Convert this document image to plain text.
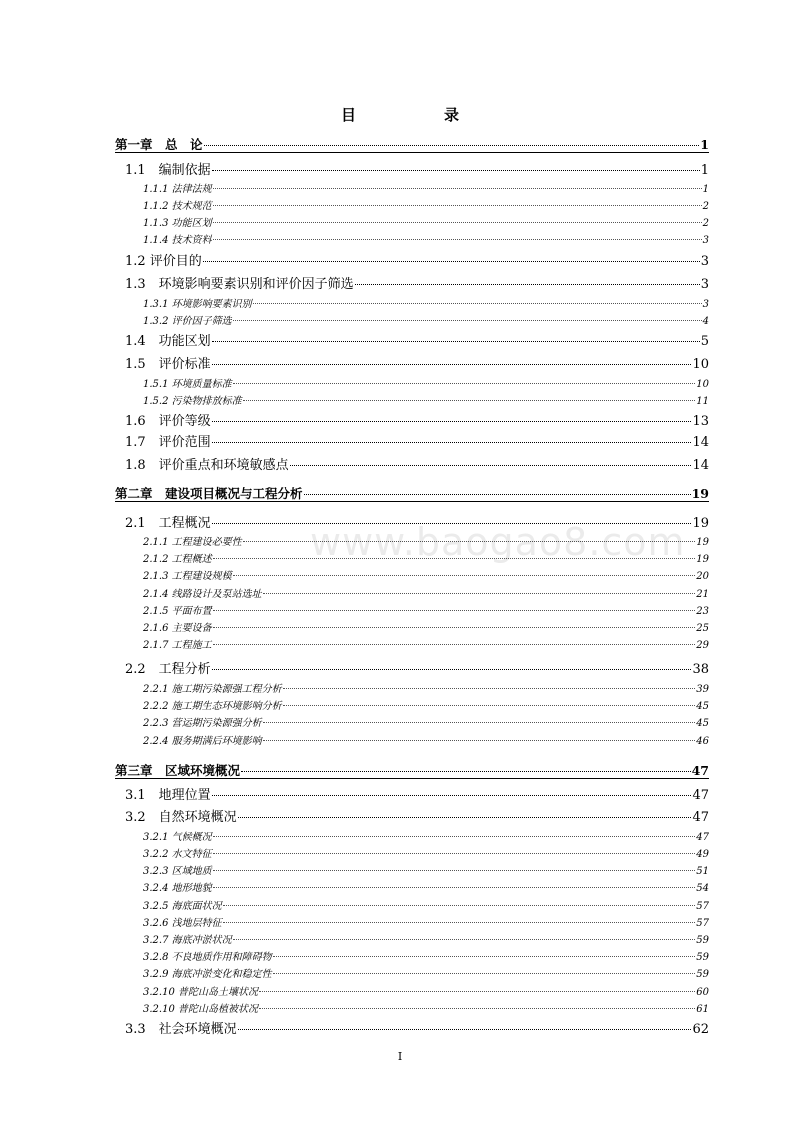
目	录
第一章　总　论	1
1.1　编制依据	1
1.1.1 法律法规	1
1.1.2 技术规范	2
1.1.3 功能区划	2
1.1.4 技术资料	3
1.2 评价目的	3
1.3　环境影响要素识别和评价因子筛选	3
1.3.1 环境影响要素识别	3
1.3.2 评价因子筛选	4
1.4　功能区划	5
1.5　评价标准	10
1.5.1 环境质量标准	10
1.5.2 污染物排放标准	11
1.6　评价等级	13
1.7　评价范围	14
1.8　评价重点和环境敏感点	14
第二章　建设项目概况与工程分析	19
2.1　工程概况	19
2.1.1 工程建设必要性	19
2.1.2 工程概述	19
2.1.3 工程建设规模	20
2.1.4 线路设计及泵站选址	21
2.1.5 平面布置	23
2.1.6 主要设备	25
2.1.7 工程施工	29
2.2　工程分析	38
2.2.1 施工期污染源强工程分析	39
2.2.2 施工期生态环境影响分析	45
2.2.3 营运期污染源强分析	45
2.2.4 服务期满后环境影响	46
第三章　区域环境概况	47
3.1　地理位置	47
3.2　自然环境概况	47
3.2.1 气候概况	47
3.2.2 水文特征	49
3.2.3 区域地质	51
3.2.4 地形地貌	54
3.2.5 海底面状况	57
3.2.6 浅地层特征	57
3.2.7 海底冲淤状况	59
3.2.8 不良地质作用和障碍物	59
3.2.9 海底冲淤变化和稳定性	59
3.2.10 普陀山岛土壤状况	60
3.2.10 普陀山岛植被状况	61
3.3　社会环境概况	62
www.baogao8.com
I
